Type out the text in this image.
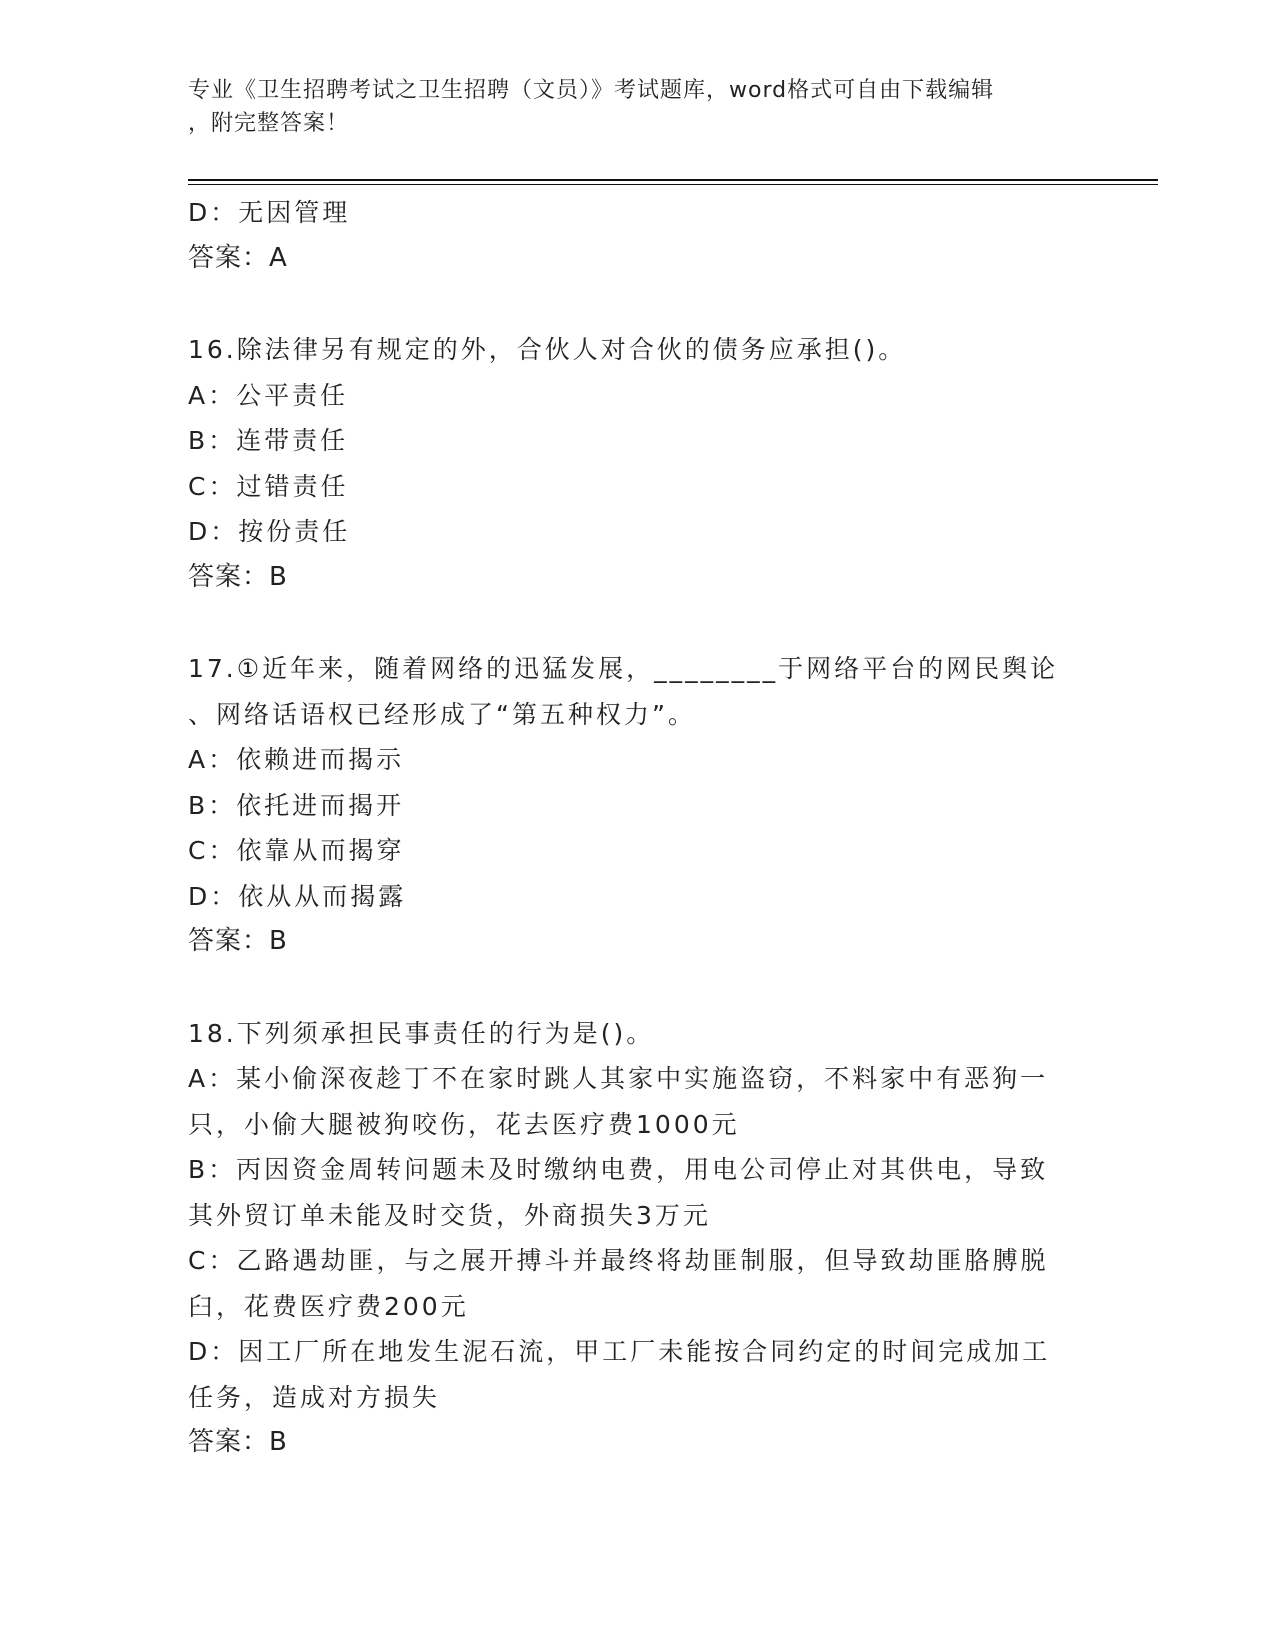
专业《卫生招聘考试之卫生招聘（文员）》考试题库，word格式可自由下载编辑
，附完整答案！
D：无因管理
答案：A
16.除法律另有规定的外，合伙人对合伙的债务应承担()。
A：公平责任
B：连带责任
C：过错责任
D：按份责任
答案：B
17.①近年来，随着网络的迅猛发展，________于网络平台的网民舆论
、网络话语权已经形成了“第五种权力”。
A：依赖进而揭示
B：依托进而揭开
C：依靠从而揭穿
D：依从从而揭露
答案：B
18.下列须承担民事责任的行为是()。
A：某小偷深夜趁丁不在家时跳人其家中实施盗窃，不料家中有恶狗一
只，小偷大腿被狗咬伤，花去医疗费1000元
B：丙因资金周转问题未及时缴纳电费，用电公司停止对其供电，导致
其外贸订单未能及时交货，外商损失3万元
C：乙路遇劫匪，与之展开搏斗并最终将劫匪制服，但导致劫匪胳膊脱
臼，花费医疗费200元
D：因工厂所在地发生泥石流，甲工厂未能按合同约定的时间完成加工
任务，造成对方损失
答案：B
